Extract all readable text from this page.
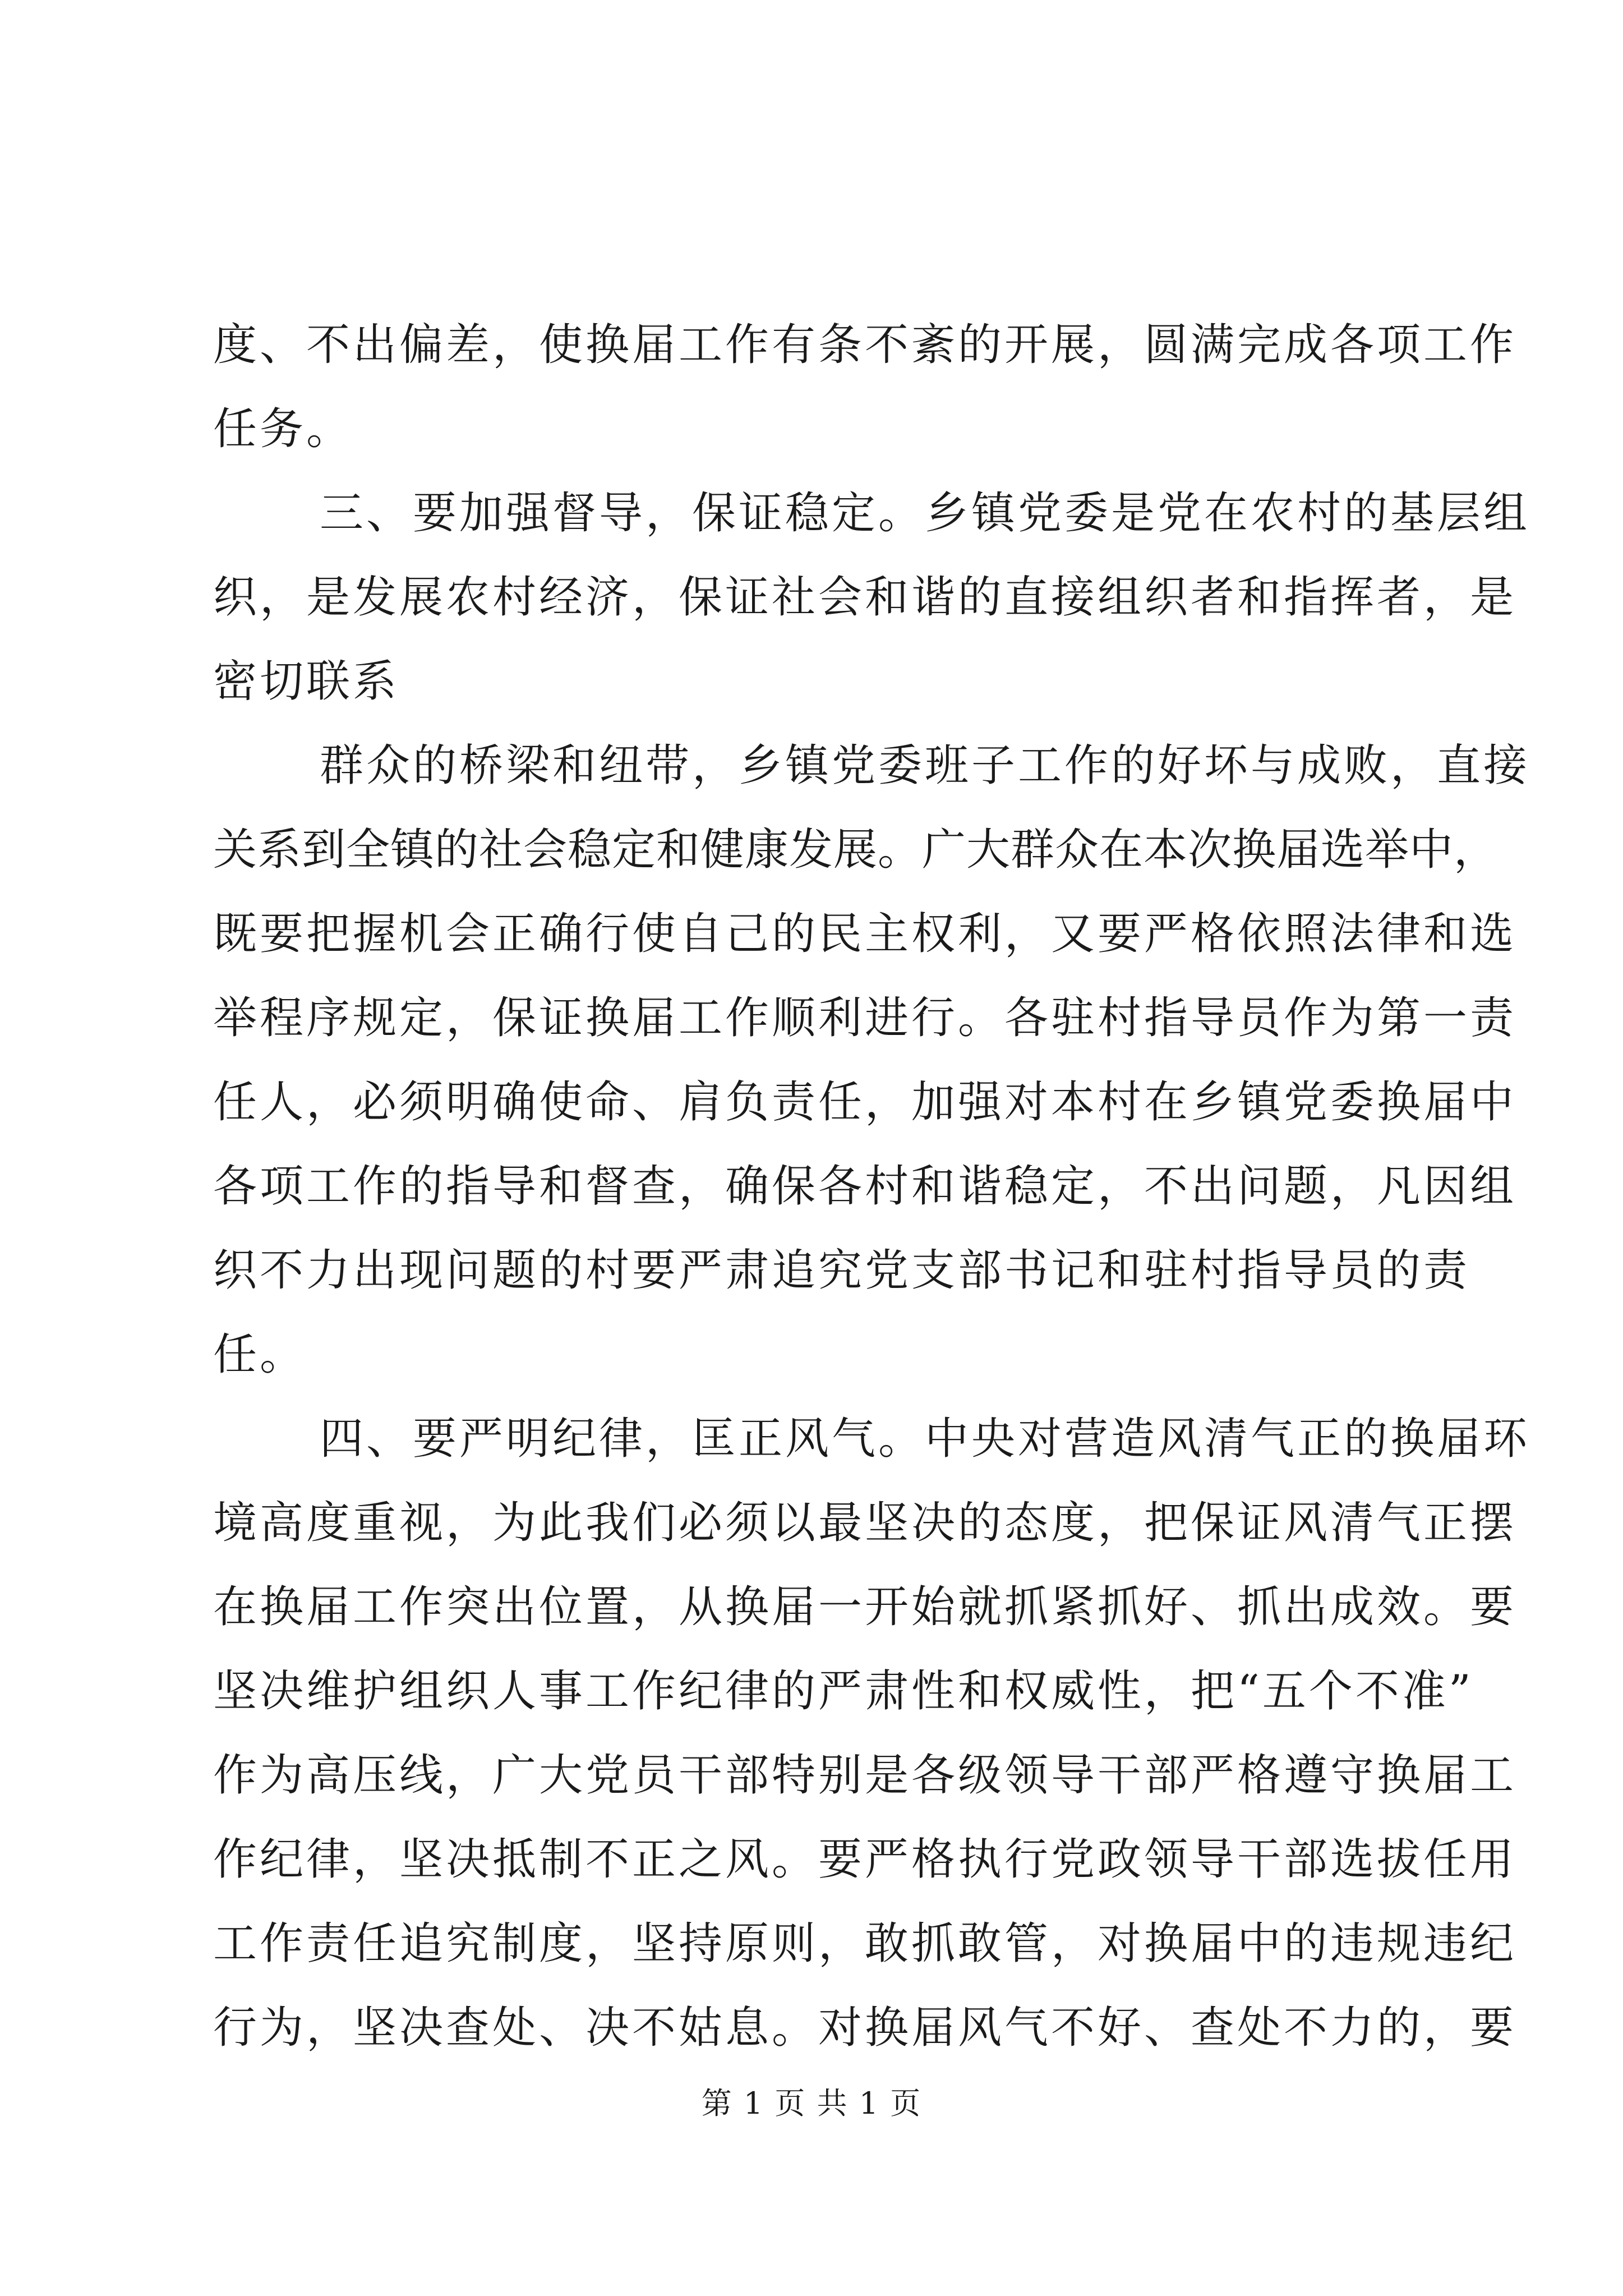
度、不出偏差，使换届工作有条不紊的开展，圆满完成各项工作
任务。
三、要加强督导，保证稳定。乡镇党委是党在农村的基层组
织，是发展农村经济，保证社会和谐的直接组织者和指挥者，是
密切联系
群众的桥梁和纽带，乡镇党委班子工作的好坏与成败，直接
关系到全镇的社会稳定和健康发展。广大群众在本次换届选举中，
既要把握机会正确行使自己的民主权利，又要严格依照法律和选
举程序规定，保证换届工作顺利进行。各驻村指导员作为第一责
任人，必须明确使命、肩负责任，加强对本村在乡镇党委换届中
各项工作的指导和督查，确保各村和谐稳定，不出问题，凡因组
织不力出现问题的村要严肃追究党支部书记和驻村指导员的责
任。
四、要严明纪律，匡正风气。中央对营造风清气正的换届环
境高度重视，为此我们必须以最坚决的态度，把保证风清气正摆
在换届工作突出位置，从换届一开始就抓紧抓好、抓出成效。要
坚决维护组织人事工作纪律的严肃性和权威性，把“五个不准”
作为高压线，广大党员干部特别是各级领导干部严格遵守换届工
作纪律，坚决抵制不正之风。要严格执行党政领导干部选拔任用
工作责任追究制度，坚持原则，敢抓敢管，对换届中的违规违纪
行为，坚决查处、决不姑息。对换届风气不好、查处不力的，要
第 1 页 共 1 页
